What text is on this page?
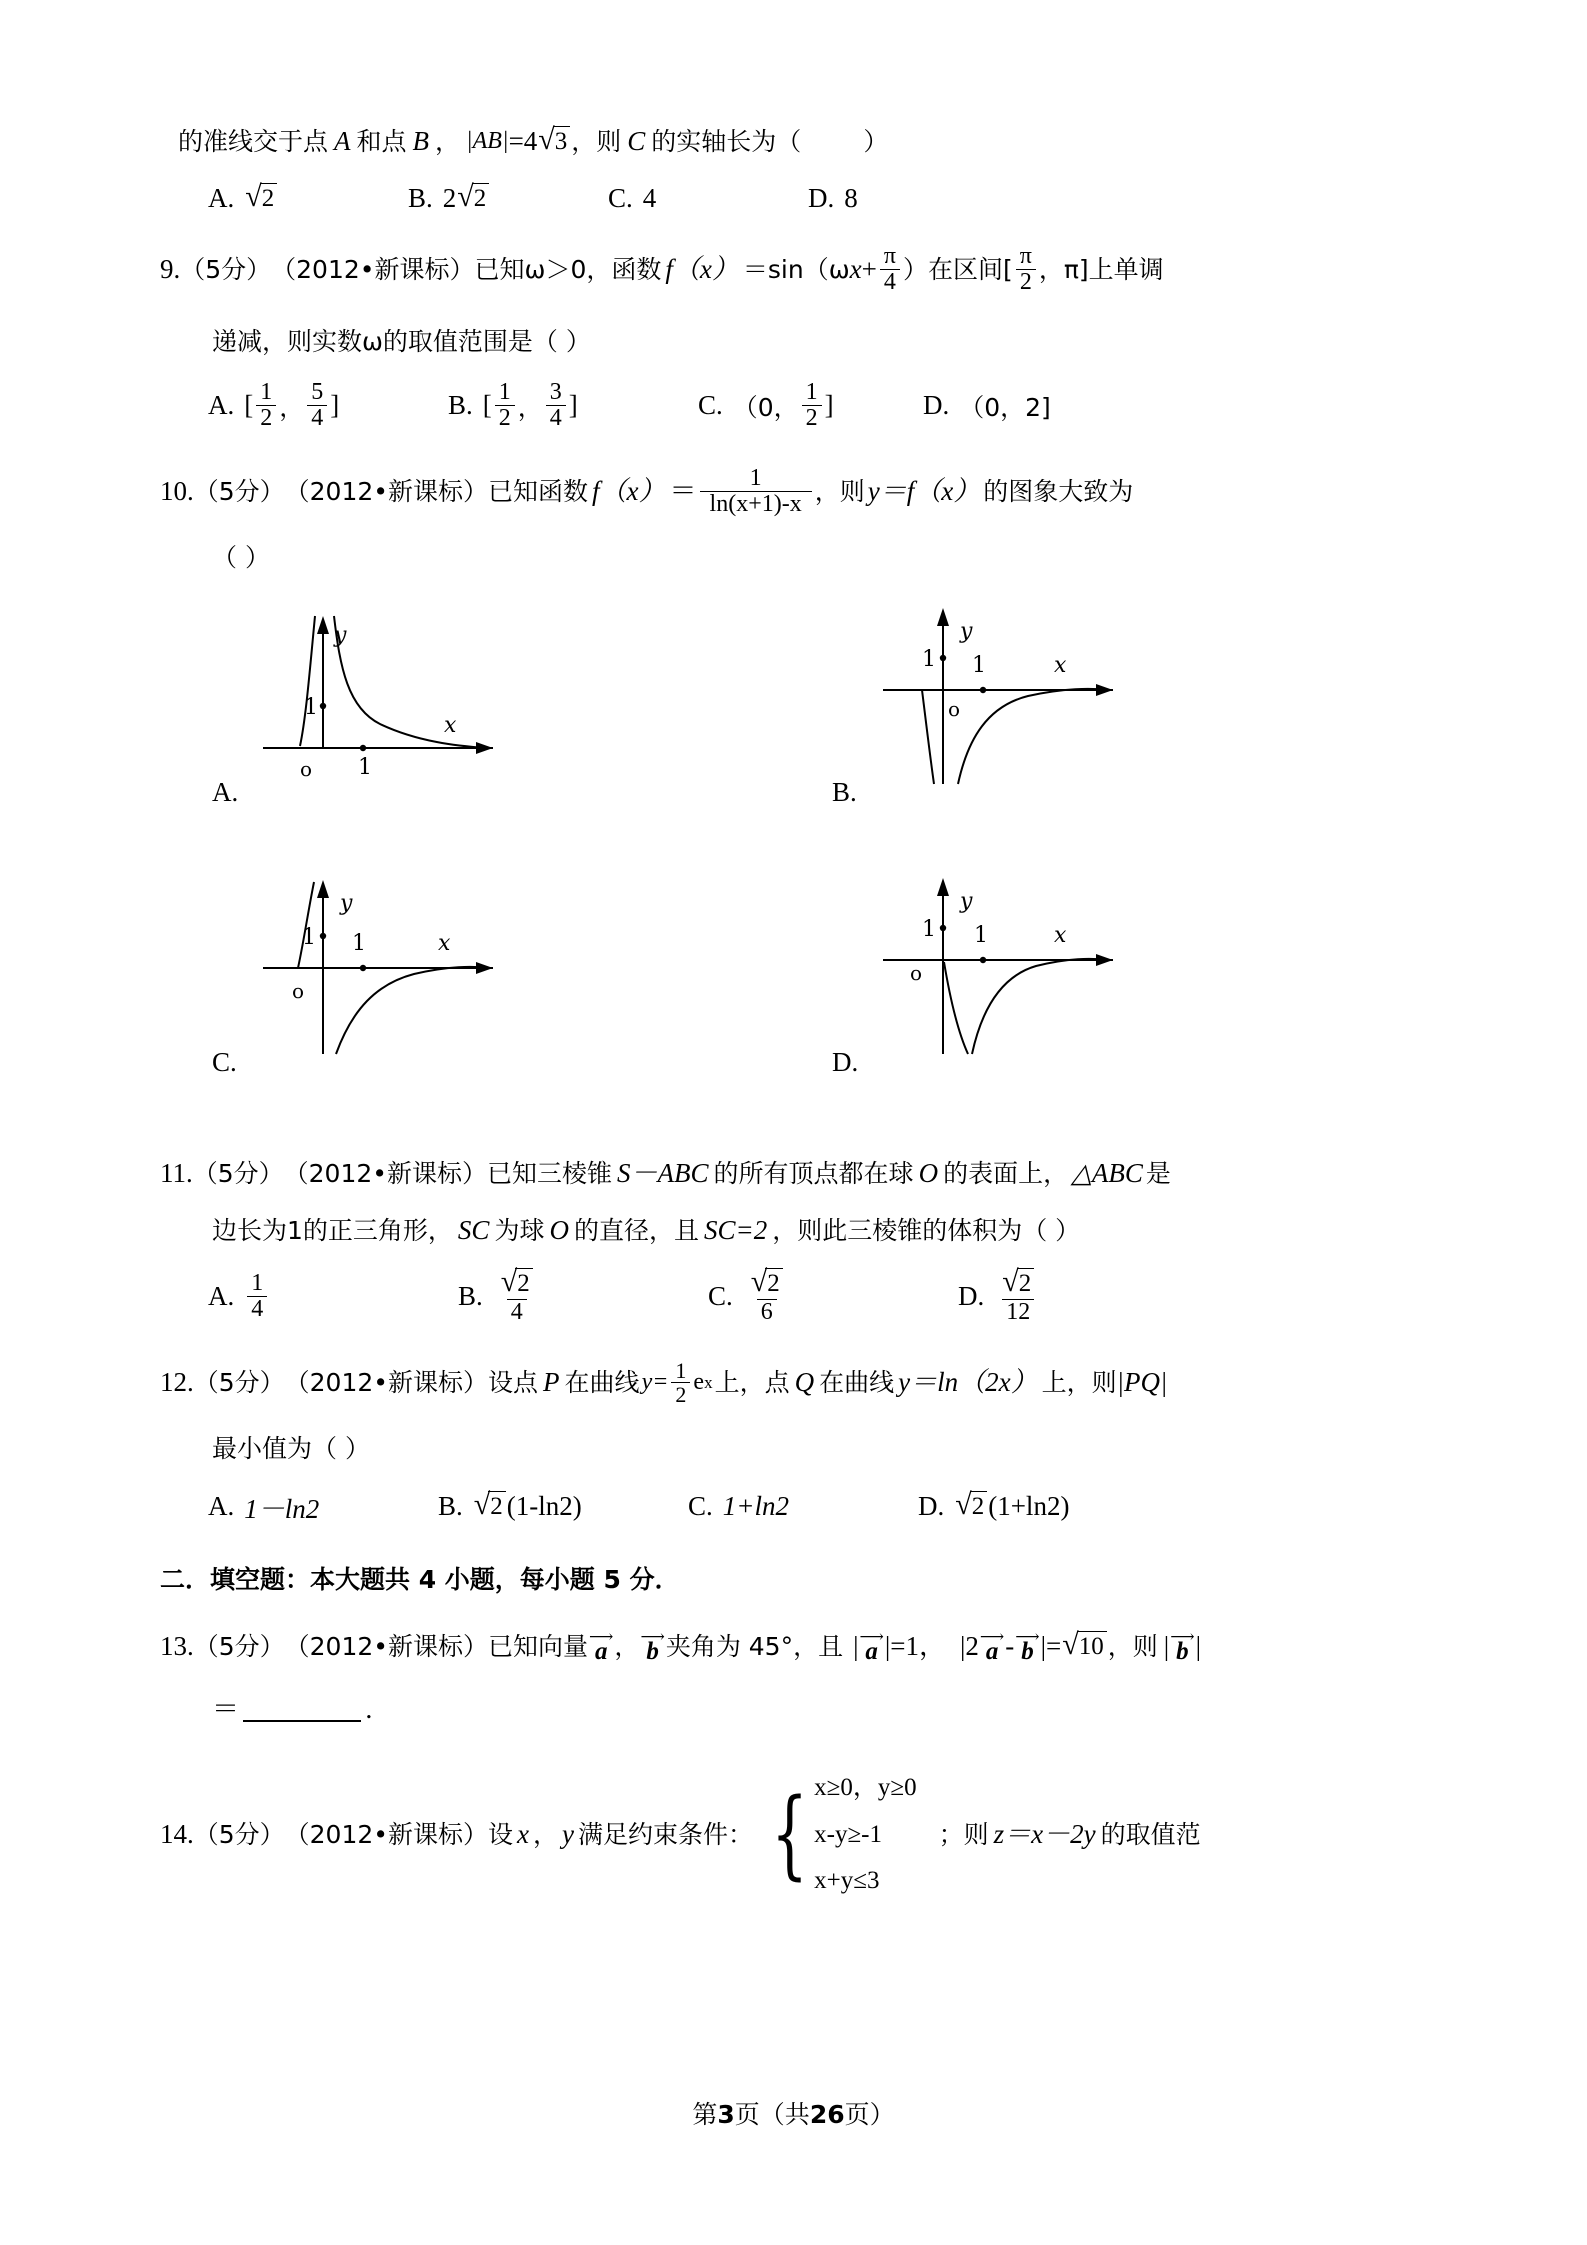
的准线交于点 A 和点 B ， |AB| =4 √ 3 ，则 C 的实轴长为（ ）
A. √ 2	B. 2 √ 2	C. 4	D. 8
9. （5分） （2012•新课标） 已知ω＞0，函数 f（x） ＝sin（ω $x + \frac{\pi}{4}$ ）在区间[ $\frac{\pi}{2}$ ，π]上单调
递减，则实数ω的取值范围是（ ）
A. [ $\frac{1}{2}$ ， $\frac{5}{4}$ ]	B. [ $\frac{1}{2}$ ， $\frac{3}{4}$ ]	C. （0， $\frac{1}{2}$ ]	D. （0，2]
10. （5分） （2012•新课标） 已知函数 $f(x) = \frac{1}{\ln(x+1)-x}$ ，则 y＝f（x） 的图象大致为
（ ）
A.
1
1
y
x
o
B.
1 1
y
x
o
C.
1 1
y
x
o
D.
1 1
y
x
o
11. （5分） （2012•新课标） 已知三棱锥 S－ABC 的所有顶点都在球 O 的表面上， △ABC 是
边长为1的正三角形， SC 为球 O 的直径，且 SC=2 ，则此三棱锥的体积为（ ）
A. $\frac{1}{4}$	B. $\frac{√ 2}{4}$	C. $\frac{√ 2}{6}$	D. $\frac{√ 2}{12}$
12. （5分） （2012•新课标） 设点 P 在曲线 $y= \frac{1}{2}$ e x 上，点 Q 在曲线 y＝ln（2x） 上，则 |PQ|
最小值为（ ）
A. 1－ln2	B. √ 2 (1-ln2)	C. 1+ln2	D. √ 2 (1+ln2)
二．填空题：本大题共 4 小题，每小题 5 分．
13. （5分） （2012•新课标） 已知向量 ⟶
a ， ⟶
b 夹角为 45°，且 | ⟶
a |=1， |2 ⟶
a - ⟶
b |= √ 10 ，则 | ⟶
b |
＝	．
14. （5分） （2012•新课标） 设 x ， y 满足约束条件： { x≥0，y≥0
x-y≥-1
x+y≤3
；则 z＝x－2y 的取值范
第3页（共26页）
